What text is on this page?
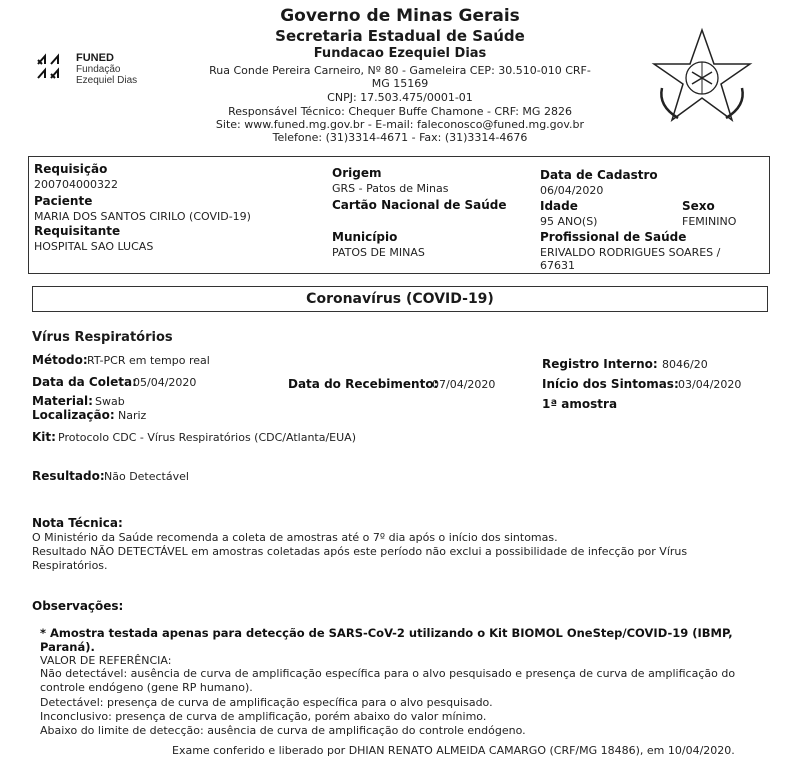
FUNED
Fundação
Ezequiel Dias
Governo de Minas Gerais
Secretaria Estadual de Saúde
Fundacao Ezequiel Dias
Rua Conde Pereira Carneiro, Nº 80 - Gameleira CEP: 30.510-010 CRF-
MG 15169
CNPJ: 17.503.475/0001-01
Responsável Técnico: Chequer Buffe Chamone - CRF: MG 2826
Site: www.funed.mg.gov.br - E-mail: faleconosco@funed.mg.gov.br
Telefone: (31)3314-4671 - Fax: (31)3314-4676
Requisição
200704000322
Paciente
MARIA DOS SANTOS CIRILO (COVID-19)
Requisitante
HOSPITAL SAO LUCAS
Origem
GRS - Patos de Minas
Cartão Nacional de Saúde
Município
PATOS DE MINAS
Data de Cadastro
06/04/2020
Idade
95 ANO(S)
Sexo
FEMININO
Profissional de Saúde
ERIVALDO RODRIGUES SOARES /
67631
Coronavírus (COVID-19)
Vírus Respiratórios
Método: RT-PCR em tempo real	Registro Interno: 8046/20
Data da Coleta:
05/04/2020	Data do Recebimento:
07/04/2020	Início dos Sintomas: 03/04/2020
Material: Swab	1ª amostra
Localização: Nariz
Kit: Protocolo CDC - Vírus Respiratórios (CDC/Atlanta/EUA)
Resultado: Não Detectável
Nota Técnica:
O Ministério da Saúde recomenda a coleta de amostras até o 7º dia após o início dos sintomas.
Resultado NÃO DETECTÁVEL em amostras coletadas após este período não exclui a possibilidade de infecção por Vírus
Respiratórios.
Observações:
* Amostra testada apenas para detecção de SARS-CoV-2 utilizando o Kit BIOMOL OneStep/COVID-19 (IBMP,
Paraná).
VALOR DE REFERÊNCIA:
Não detectável: ausência de curva de amplificação específica para o alvo pesquisado e presença de curva de amplificação do
controle endógeno (gene RP humano).
Detectável: presença de curva de amplificação específica para o alvo pesquisado.
Inconclusivo: presença de curva de amplificação, porém abaixo do valor mínimo.
Abaixo do limite de detecção: ausência de curva de amplificação do controle endógeno.
Exame conferido e liberado por DHIAN RENATO ALMEIDA CAMARGO (CRF/MG 18486), em 10/04/2020.
